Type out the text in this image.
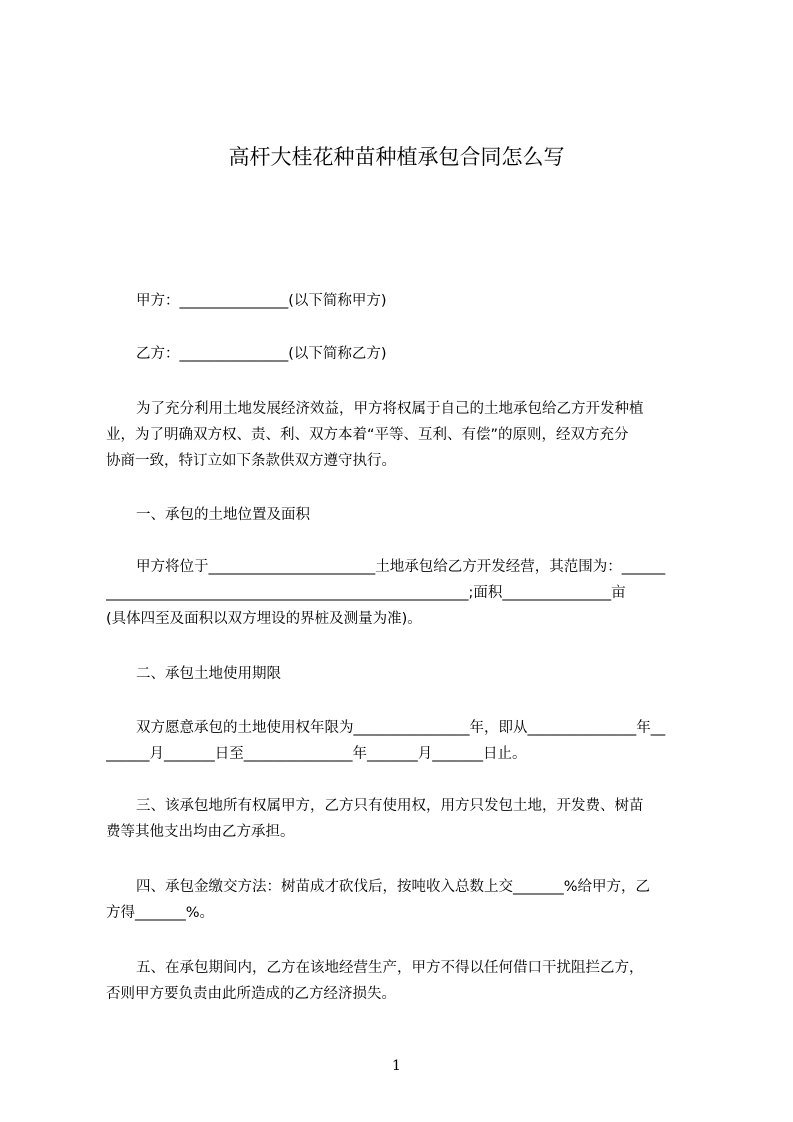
高杆大桂花种苗种植承包合同怎么写
甲方：_______________(以下简称甲方)
乙方：_______________(以下简称乙方)
为了充分利用土地发展经济效益，甲方将权属于自己的土地承包给乙方开发种植
业，为了明确双方权、责、利、双方本着“平等、互利、有偿”的原则，经双方充分
协商一致，特订立如下条款供双方遵守执行。
一、承包的土地位置及面积
甲方将位于_______________________土地承包给乙方开发经营，其范围为：______
__________________________________________________;面积_______________亩
(具体四至及面积以双方埋设的界桩及测量为准)。
二、承包土地使用期限
双方愿意承包的土地使用权年限为________________年，即从_______________年__
______月_______日至_______________年_______月_______日止。
三、该承包地所有权属甲方，乙方只有使用权，用方只发包土地，开发费、树苗
费等其他支出均由乙方承担。
四、承包金缴交方法：树苗成才砍伐后，按吨收入总数上交_______%给甲方，乙
方得_______%。
五、在承包期间内，乙方在该地经营生产，甲方不得以任何借口干扰阻拦乙方，
否则甲方要负责由此所造成的乙方经济损失。
1
